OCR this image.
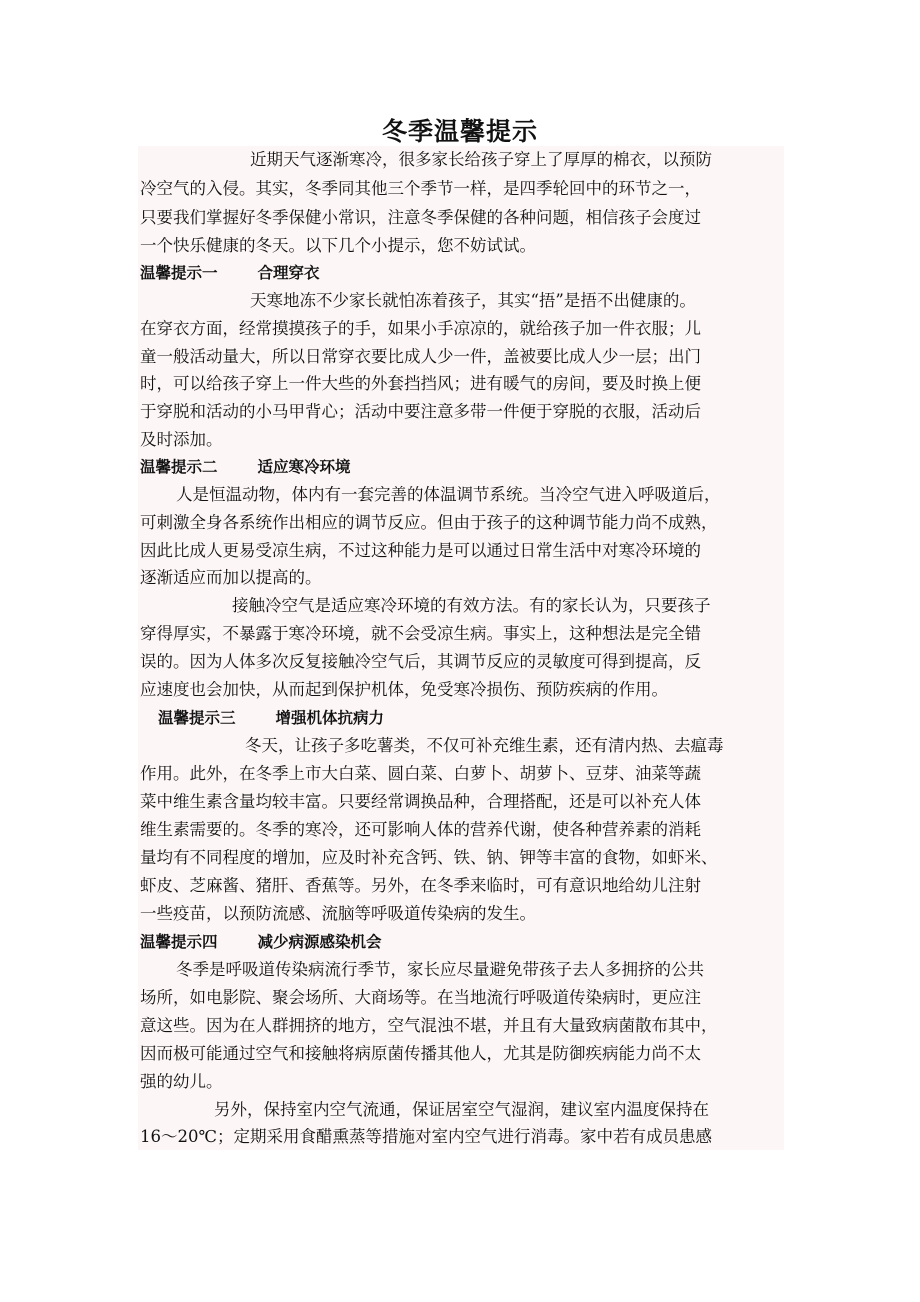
冬季温馨提示
近期天气逐渐寒冷，很多家长给孩子穿上了厚厚的棉衣，以预防
冷空气的入侵。其实，冬季同其他三个季节一样，是四季轮回中的环节之一，
只要我们掌握好冬季保健小常识，注意冬季保健的各种问题，相信孩子会度过
一个快乐健康的冬天。以下几个小提示，您不妨试试。
温馨提示一	合理穿衣
天寒地冻不少家长就怕冻着孩子，其实“捂”是捂不出健康的。
在穿衣方面，经常摸摸孩子的手，如果小手凉凉的，就给孩子加一件衣服；儿
童一般活动量大，所以日常穿衣要比成人少一件，盖被要比成人少一层；出门
时，可以给孩子穿上一件大些的外套挡挡风；进有暖气的房间，要及时换上便
于穿脱和活动的小马甲背心；活动中要注意多带一件便于穿脱的衣服，活动后
及时添加。
温馨提示二	适应寒冷环境
人是恒温动物，体内有一套完善的体温调节系统。当冷空气进入呼吸道后，
可刺激全身各系统作出相应的调节反应。但由于孩子的这种调节能力尚不成熟，
因此比成人更易受凉生病，不过这种能力是可以通过日常生活中对寒冷环境的
逐渐适应而加以提高的。
接触冷空气是适应寒冷环境的有效方法。有的家长认为，只要孩子
穿得厚实，不暴露于寒冷环境，就不会受凉生病。事实上，这种想法是完全错
误的。因为人体多次反复接触冷空气后，其调节反应的灵敏度可得到提高，反
应速度也会加快，从而起到保护机体，免受寒冷损伤、预防疾病的作用。
温馨提示三	增强机体抗病力
冬天，让孩子多吃薯类，不仅可补充维生素，还有清内热、去瘟毒
作用。此外，在冬季上市大白菜、圆白菜、白萝卜、胡萝卜、豆芽、油菜等蔬
菜中维生素含量均较丰富。只要经常调换品种，合理搭配，还是可以补充人体
维生素需要的。冬季的寒冷，还可影响人体的营养代谢，使各种营养素的消耗
量均有不同程度的增加，应及时补充含钙、铁、钠、钾等丰富的食物，如虾米、
虾皮、芝麻酱、猪肝、香蕉等。另外，在冬季来临时，可有意识地给幼儿注射
一些疫苗，以预防流感、流脑等呼吸道传染病的发生。
温馨提示四	减少病源感染机会
冬季是呼吸道传染病流行季节，家长应尽量避免带孩子去人多拥挤的公共
场所，如电影院、聚会场所、大商场等。在当地流行呼吸道传染病时，更应注
意这些。因为在人群拥挤的地方，空气混浊不堪，并且有大量致病菌散布其中，
因而极可能通过空气和接触将病原菌传播其他人，尤其是防御疾病能力尚不太
强的幼儿。
另外，保持室内空气流通，保证居室空气湿润，建议室内温度保持在
16～20℃；定期采用食醋熏蒸等措施对室内空气进行消毒。家中若有成员患感
